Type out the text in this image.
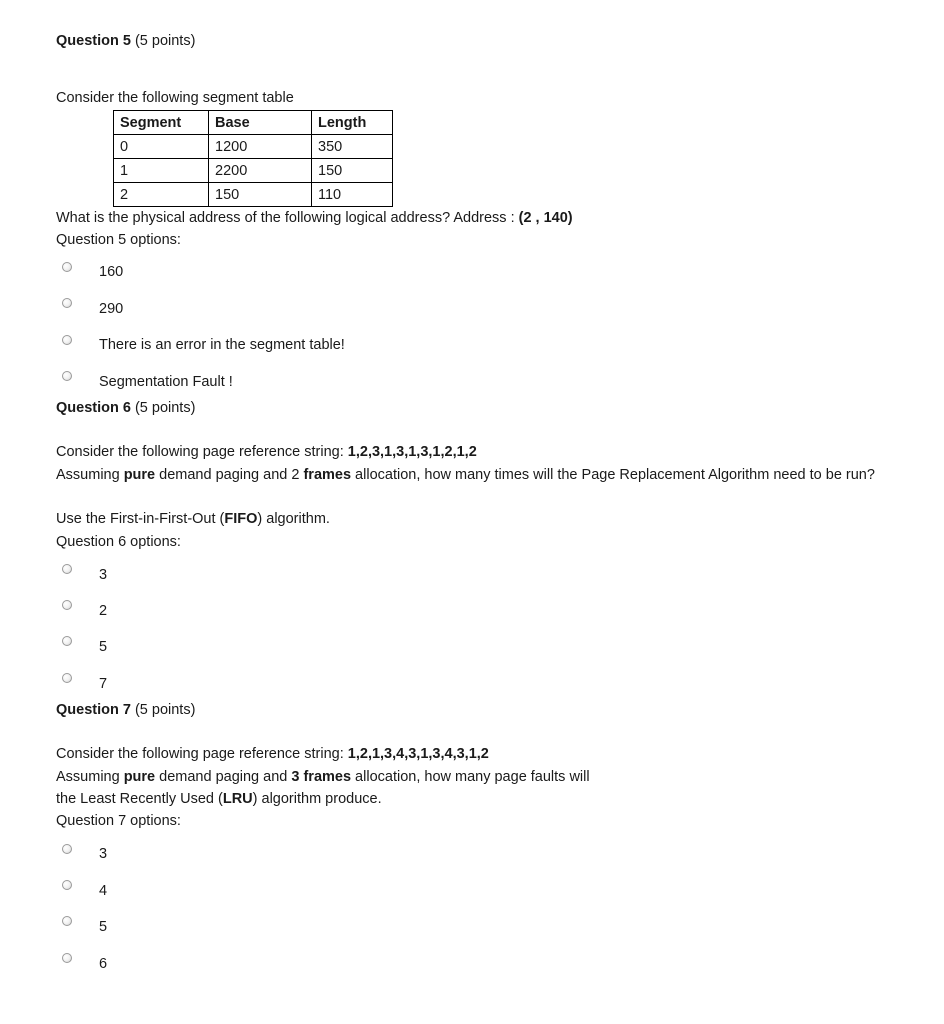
Question 5 (5 points)
Consider the following segment table
Segment	Base	Length
0	1200	350
1	2200	150
2	150	110
What is the physical address of the following logical address? Address : (2 , 140)
Question 5 options:
160
290
There is an error in the segment table!
Segmentation Fault !
Question 6 (5 points)
Consider the following page reference string: 1,2,3,1,3,1,3,1,2,1,2
Assuming pure demand paging and 2 frames allocation, how many times will the Page Replacement Algorithm need to be run?
Use the First-in-First-Out (FIFO) algorithm.
Question 6 options:
3
2
5
7
Question 7 (5 points)
Consider the following page reference string: 1,2,1,3,4,3,1,3,4,3,1,2
Assuming pure demand paging and 3 frames allocation, how many page faults will
the Least Recently Used (LRU) algorithm produce.
Question 7 options:
3
4
5
6
